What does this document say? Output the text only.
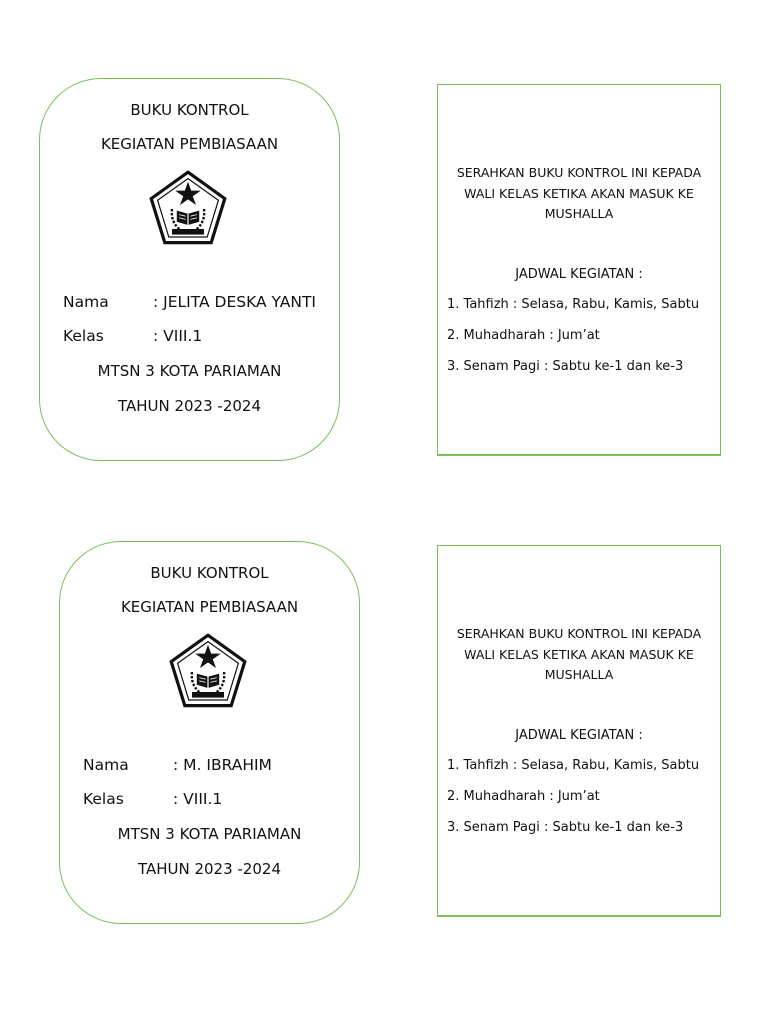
BUKU KONTROL
KEGIATAN PEMBIASAAN
Nama	: JELITA DESKA YANTI
Kelas	: VIII.1
MTSN 3 KOTA PARIAMAN
TAHUN 2023 -2024
SERAHKAN BUKU KONTROL INI KEPADA WALI KELAS KETIKA AKAN MASUK KE MUSHALLA
JADWAL KEGIATAN :
1. Tahfizh : Selasa, Rabu, Kamis, Sabtu
2. Muhadharah : Jum’at
3. Senam Pagi : Sabtu ke-1 dan ke-3
BUKU KONTROL
KEGIATAN PEMBIASAAN
Nama	: M. IBRAHIM
Kelas	: VIII.1
MTSN 3 KOTA PARIAMAN
TAHUN 2023 -2024
SERAHKAN BUKU KONTROL INI KEPADA WALI KELAS KETIKA AKAN MASUK KE MUSHALLA
JADWAL KEGIATAN :
1. Tahfizh : Selasa, Rabu, Kamis, Sabtu
2. Muhadharah : Jum’at
3. Senam Pagi : Sabtu ke-1 dan ke-3
